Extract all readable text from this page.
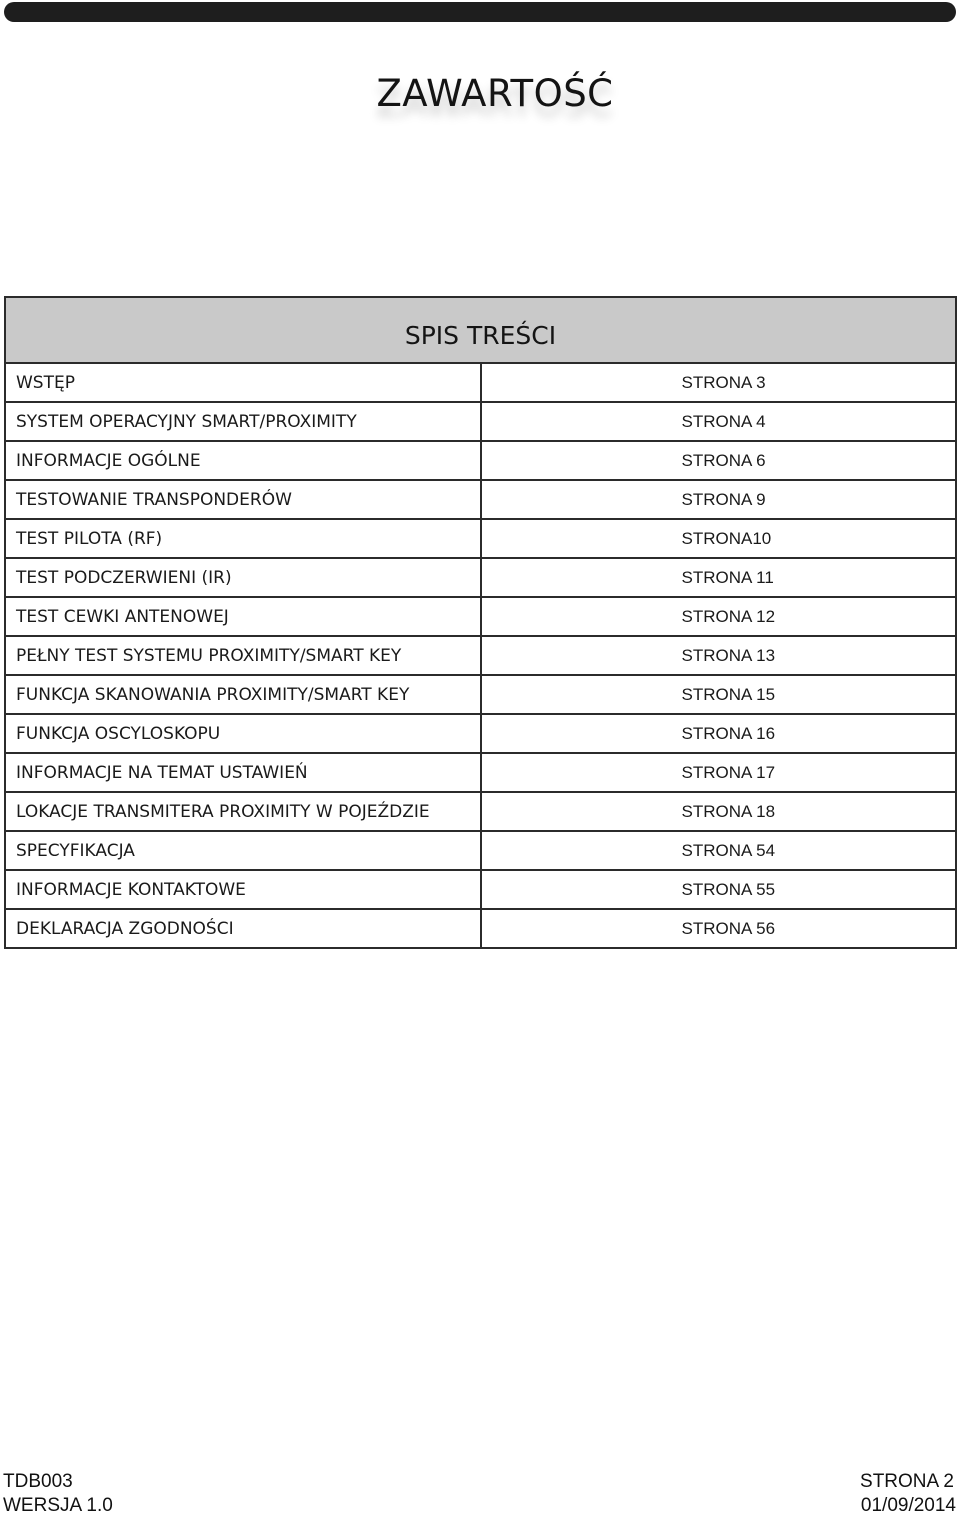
ZAWARTOŚĆ
SPIS TREŚCI	
WSTĘP	STRONA 3
SYSTEM OPERACYJNY SMART/PROXIMITY	STRONA 4
INFORMACJE OGÓLNE	STRONA 6
TESTOWANIE TRANSPONDERÓW	STRONA 9
TEST PILOTA (RF)	STRONA10
TEST PODCZERWIENI (IR)	STRONA 11
TEST CEWKI ANTENOWEJ	STRONA 12
PEŁNY TEST SYSTEMU PROXIMITY/SMART KEY	STRONA 13
FUNKCJA SKANOWANIA PROXIMITY/SMART KEY	STRONA 15
FUNKCJA OSCYLOSKOPU	STRONA 16
INFORMACJE NA TEMAT USTAWIEŃ	STRONA 17
LOKACJE TRANSMITERA PROXIMITY W POJEŹDZIE	STRONA 18
SPECYFIKACJA	STRONA 54
INFORMACJE KONTAKTOWE	STRONA 55
DEKLARACJA ZGODNOŚCI	STRONA 56
TDB003
WERSJA 1.0
STRONA 2
01/09/2014
